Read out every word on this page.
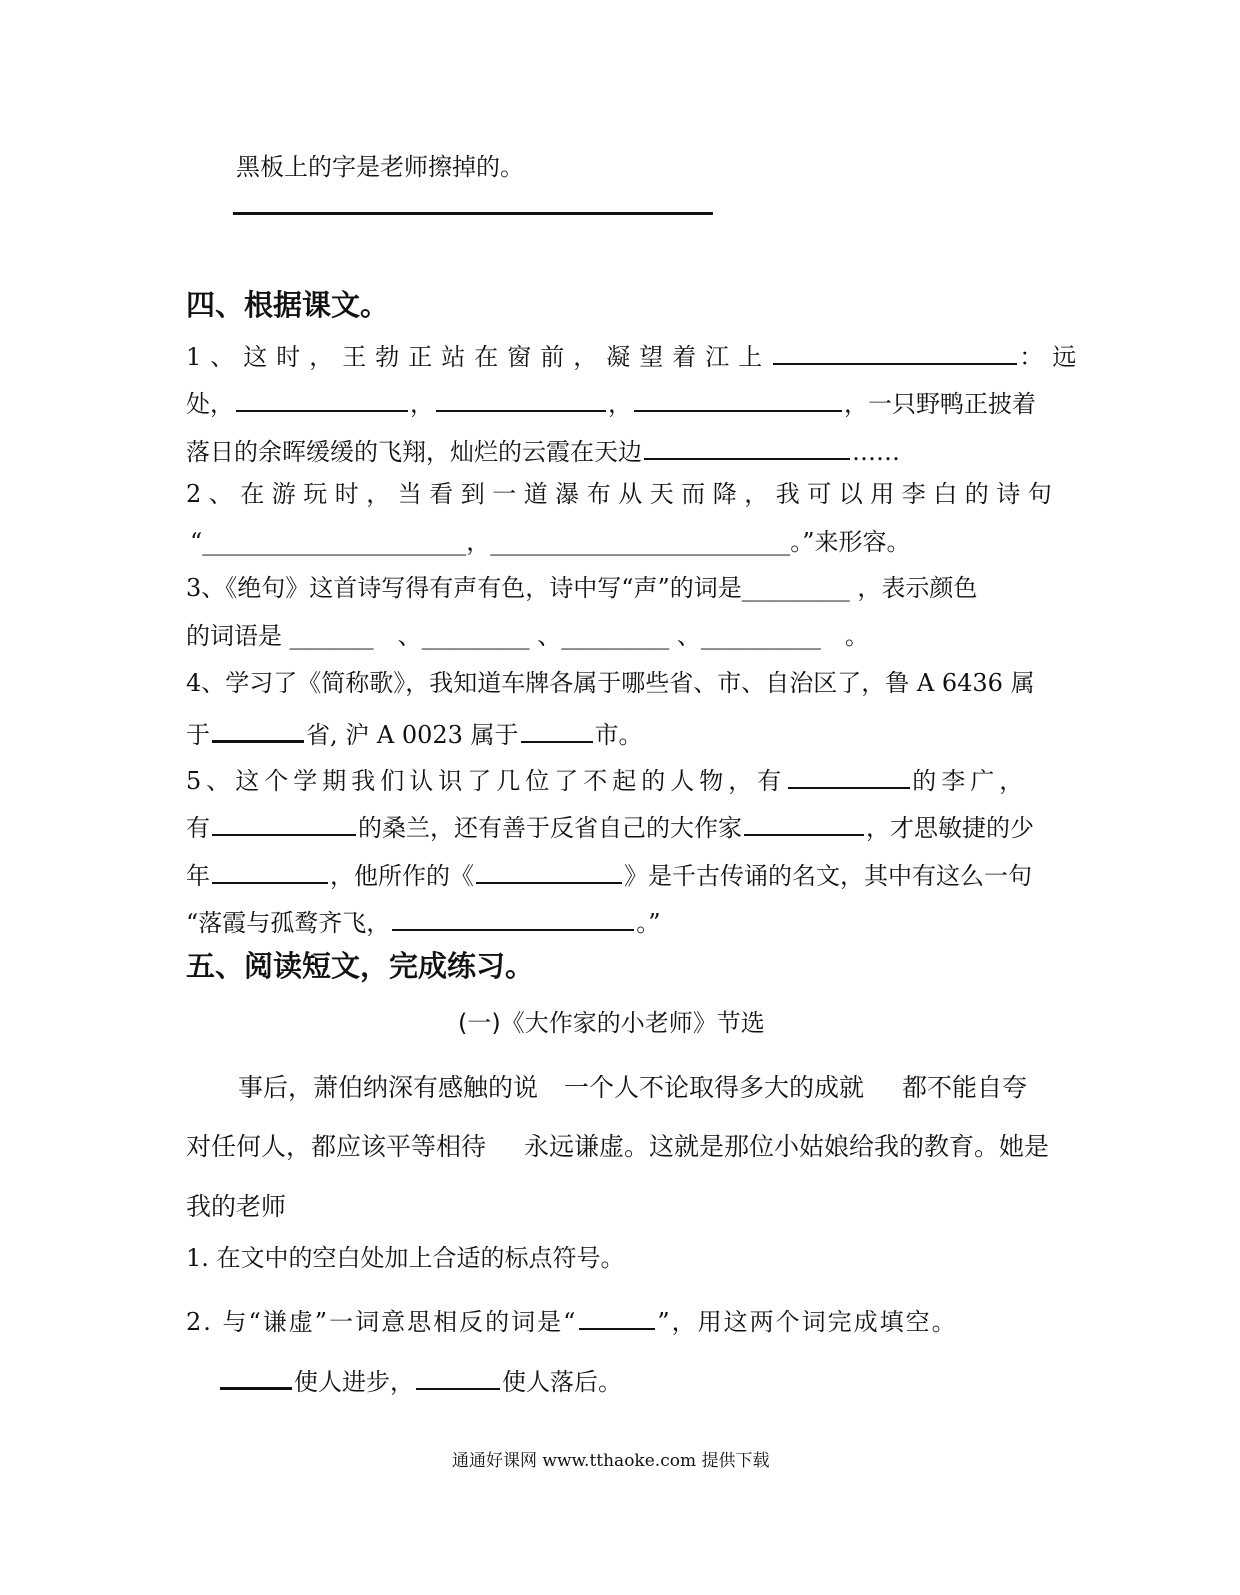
黑板上的字是老师擦掉的。
四、根据课文。
1、这时，王勃正站在窗前，凝望着江上	：远
处，	，	，	，一只野鸭正披着
落日的余晖缓缓的飞翔，灿烂的云霞在天边	……
2、在游玩时，当看到一道瀑布从天而降，我可以用李白的诗句
“______________________，_________________________。”来形容。
3、《绝句》这首诗写得有声有色，诗中写“声”的词是_________ ，表示颜色
的词语是 _______　、_________ 、_________ 、__________　。
4、学习了《简称歌》，我知道车牌各属于哪些省、市、自治区了，鲁 A 6436 属
于	省, 沪 A 0023 属于	市。
5、这个学期我们认识了几位了不起的人物，有	的李广，
有	的桑兰，还有善于反省自己的大作家	，才思敏捷的少
年	，他所作的《	》是千古传诵的名文，其中有这么一句
“落霞与孤鹜齐飞，	。”
五、阅读短文，完成练习。
(一)《大作家的小老师》节选
事后，萧伯纳深有感触的说 一个人不论取得多大的成就 都不能自夸
对任何人，都应该平等相待 永远谦虚。这就是那位小姑娘给我的教育。她是
我的老师
1. 在文中的空白处加上合适的标点符号。
2. 与“谦虚”一词意思相反的词是“	”，用这两个词完成填空。
使人进步，	使人落后。
通通好课网 www.tthaoke.com 提供下载
